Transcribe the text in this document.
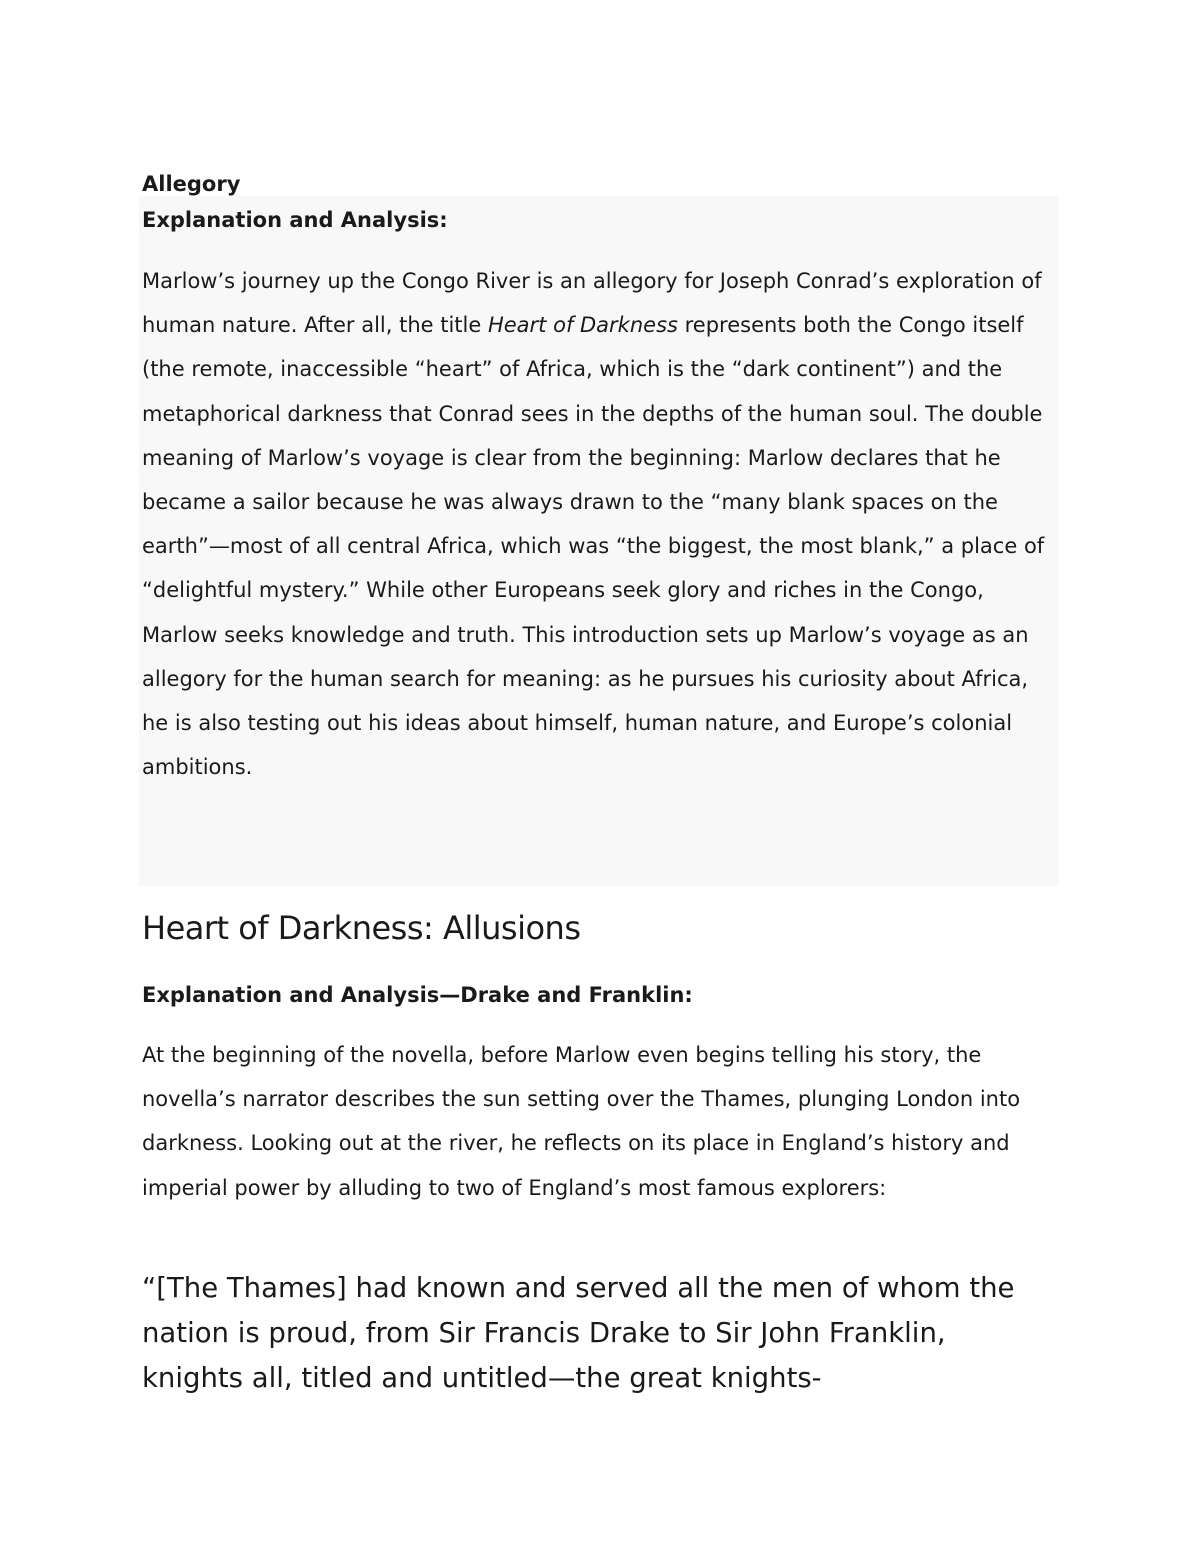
Allegory

Explanation and Analysis:

Marlow’s journey up the Congo River is an allegory for Joseph Conrad’s exploration of human nature. After all, the title Heart of Darkness represents both the Congo itself (the remote, inaccessible “heart” of Africa, which is the “dark continent”) and the metaphorical darkness that Conrad sees in the depths of the human soul. The double meaning of Marlow’s voyage is clear from the beginning: Marlow declares that he became a sailor because he was always drawn to the “many blank spaces on the earth”—most of all central Africa, which was “the biggest, the most blank,” a place of “delightful mystery.” While other Europeans seek glory and riches in the Congo, Marlow seeks knowledge and truth. This introduction sets up Marlow’s voyage as an allegory for the human search for meaning: as he pursues his curiosity about Africa, he is also testing out his ideas about himself, human nature, and Europe’s colonial ambitions.

Heart of Darkness: Allusions

Explanation and Analysis—Drake and Franklin:

At the beginning of the novella, before Marlow even begins telling his story, the novella’s narrator describes the sun setting over the Thames, plunging London into darkness. Looking out at the river, he reflects on its place in England’s history and imperial power by alluding to two of England’s most famous explorers:

“[The Thames] had known and served all the men of whom the nation is proud, from Sir Francis Drake to Sir John Franklin, knights all, titled and untitled—the great knights-
